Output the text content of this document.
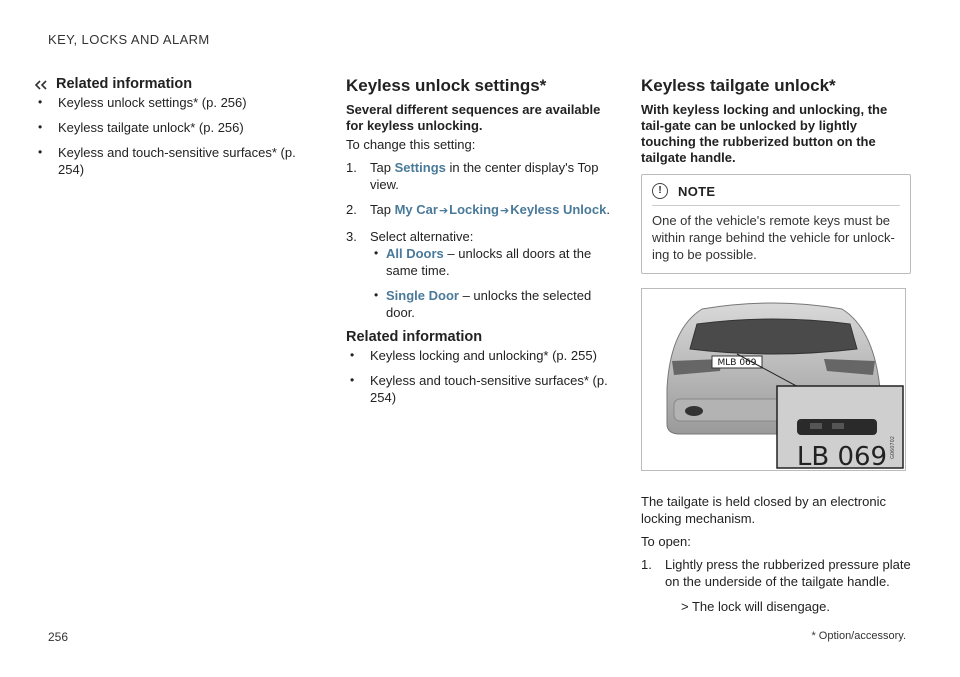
KEY, LOCKS AND ALARM
Related information
• Keyless unlock settings* (p. 256)
• Keyless tailgate unlock* (p. 256)
• Keyless and touch-sensitive surfaces* (p. 254)
Keyless unlock settings*
Several different sequences are available for keyless unlocking.

To change this setting:

1. Tap Settings in the center display's Top view.
2. Tap My Car➔Locking➔Keyless Unlock.
3. Select alternative:
• All Doors – unlocks all doors at the same time.
• Single Door – unlocks the selected door.
Related information
• Keyless locking and unlocking* (p. 255)
• Keyless and touch-sensitive surfaces* (p. 254)
Keyless tailgate unlock*
With keyless locking and unlocking, the tail-gate can be unlocked by lightly touching the rubberized button on the tailgate handle.
!	NOTE
One of the vehicle's remote keys must be within range behind the vehicle for unlock-ing to be possible.
MLB 069
LB 069 G060702

The tailgate is held closed by an electronic locking mechanism.

To open:

1. Lightly press the rubberized pressure plate on the underside of the tailgate handle.
> The lock will disengage.
256	* Option/accessory.
